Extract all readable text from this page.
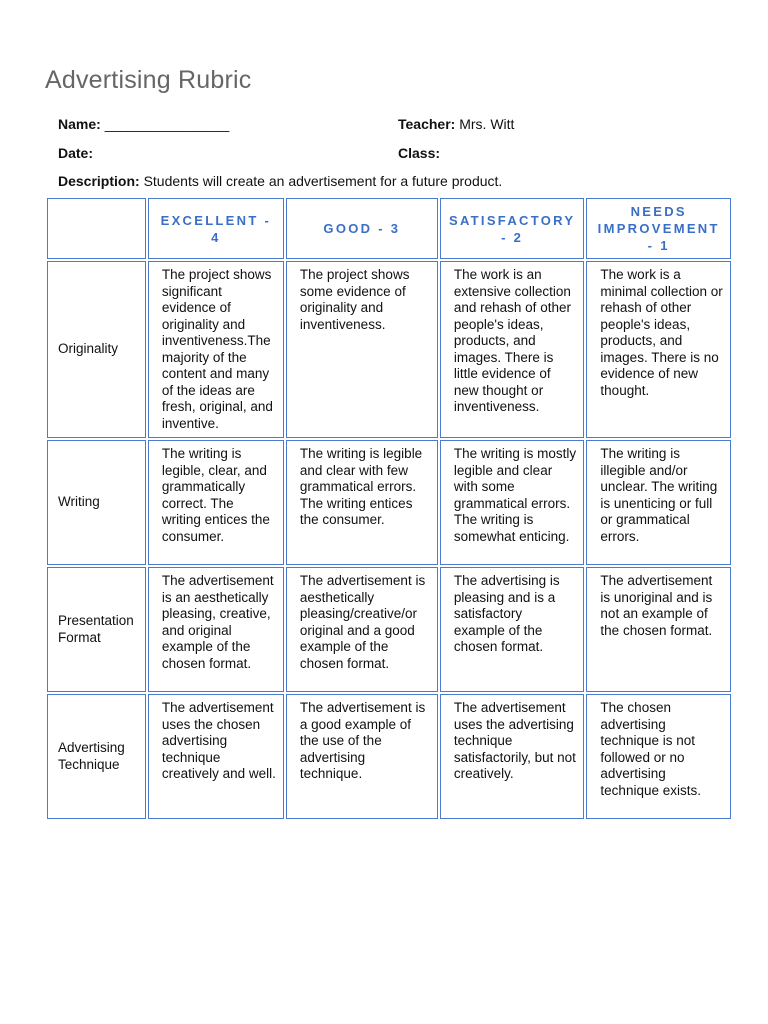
Advertising Rubric
Name: ________________	Teacher: Mrs. Witt
Date:	Class:
Description: Students will create an advertisement for a future product.
	EXCELLENT - 4	GOOD - 3	SATISFACTORY - 2	NEEDS IMPROVEMENT - 1
Originality	The project shows significant evidence of originality and inventiveness.The majority of the content and many of the ideas are fresh, original, and inventive.	The project shows some evidence of originality and inventiveness.	The work is an extensive collection and rehash of other people's ideas, products, and images. There is little evidence of new thought or inventiveness.	The work is a minimal collection or rehash of other people's ideas, products, and images. There is no evidence of new thought.
Writing	The writing is legible, clear, and grammatically correct. The writing entices the consumer.	The writing is legible and clear with few grammatical errors. The writing entices the consumer.	The writing is mostly legible and clear with some grammatical errors. The writing is somewhat enticing.	The writing is illegible and/or unclear. The writing is unenticing or full or grammatical errors.
Presentation Format	The advertisement is an aesthetically pleasing, creative, and original example of the chosen format.	The advertisement is aesthetically pleasing/creative/or original and a good example of the chosen format.	The advertising is pleasing and is a satisfactory example of the chosen format.	The advertisement is unoriginal and is not an example of the chosen format.
Advertising Technique	The advertisement uses the chosen advertising technique creatively and well.	The advertisement is a good example of the use of the advertising technique.	The advertisement uses the advertising technique satisfactorily, but not creatively.	The chosen advertising technique is not followed or no advertising technique exists.
